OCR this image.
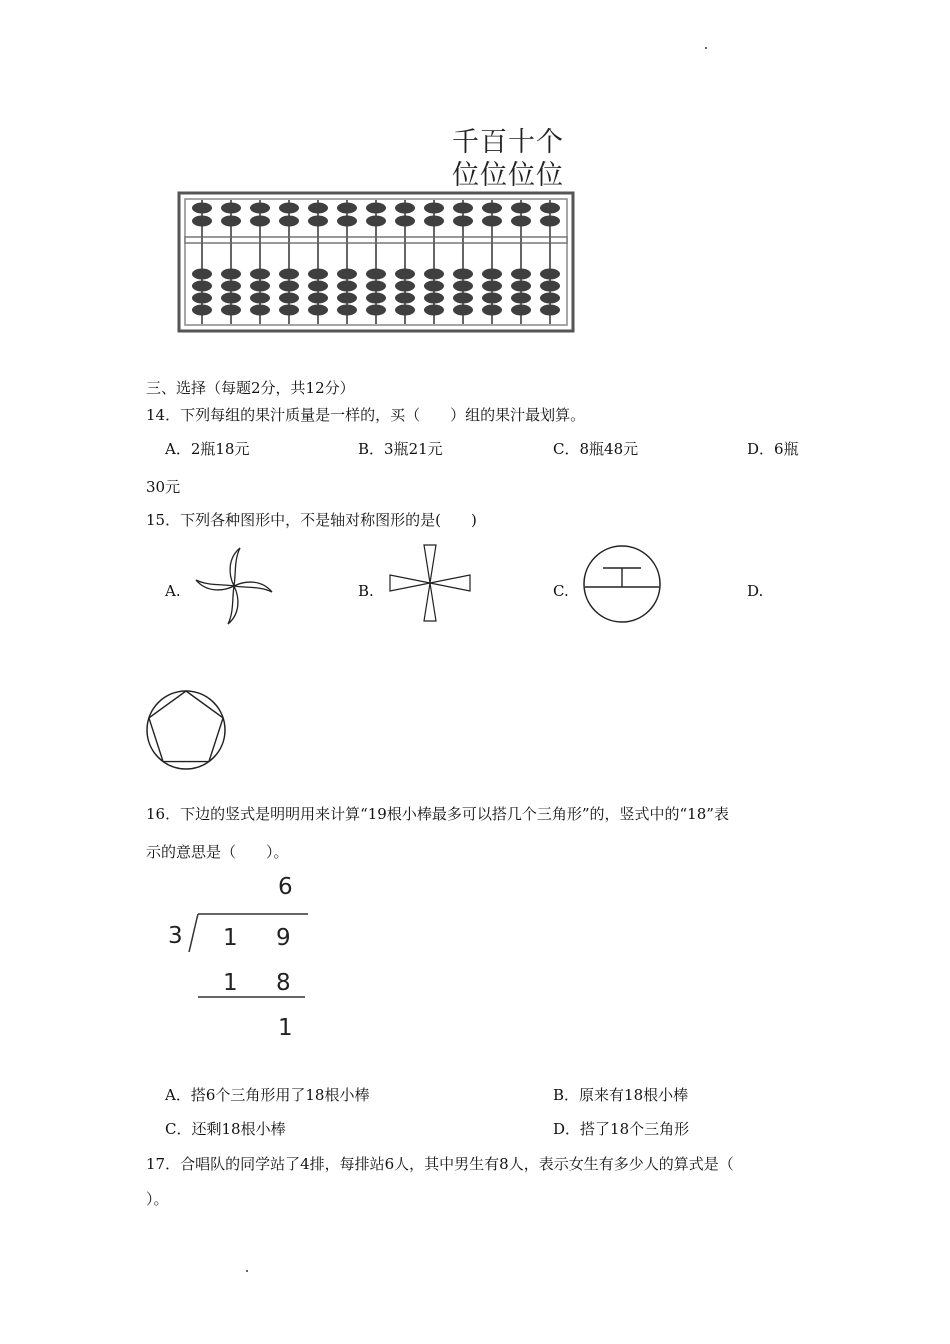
千百十个
位位位位
三、选择（每题2分，共12分）
14．下列每组的果汁质量是一样的，买（　　）组的果汁最划算。
A．2瓶18元	B．3瓶21元	C．8瓶48元	D．6瓶
30元
15．下列各种图形中，不是轴对称图形的是(　　)
A.	B.	C.	D.
16．下边的竖式是明明用来计算“19根小棒最多可以搭几个三角形”的，竖式中的“18”表
示的意思是（　　）。
6
3 1 9
1 8
1
A．搭6个三角形用了18根小棒	B．原来有18根小棒
C．还剩18根小棒	D．搭了18个三角形
17．合唱队的同学站了4排，每排站6人，其中男生有8人，表示女生有多少人的算式是（
）。
